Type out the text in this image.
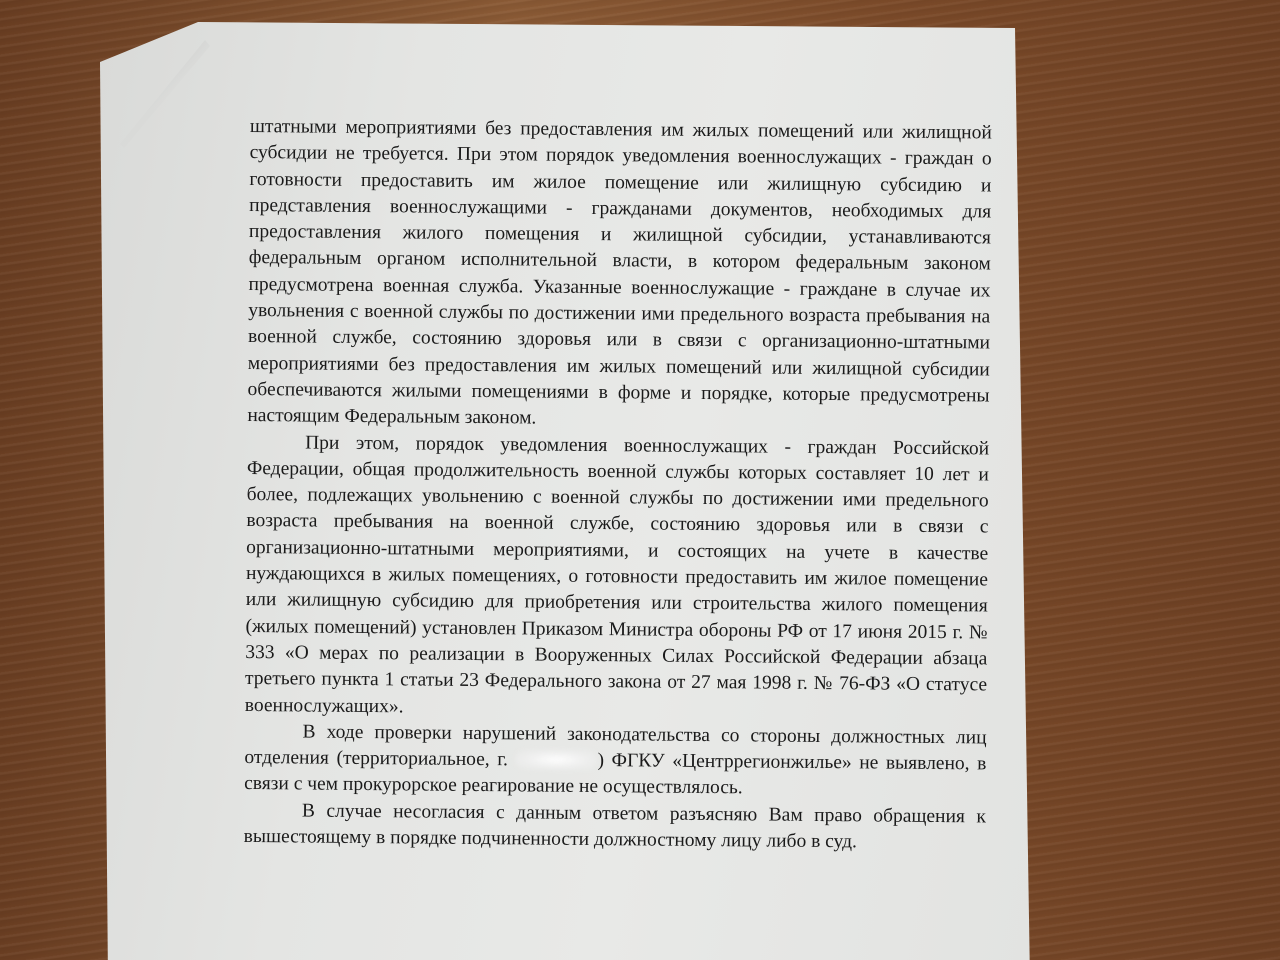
штатными мероприятиями без предоставления им жилых помещений или жилищной субсидии не требуется. При этом порядок уведомления военнослужащих - граждан о готовности предоставить им жилое помещение или жилищную субсидию и представления военнослужащими - гражданами документов, необходимых для предоставления жилого помещения и жилищной субсидии, устанавливаются федеральным органом исполнительной власти, в котором федеральным законом предусмотрена военная служба. Указанные военнослужащие - граждане в случае их увольнения с военной службы по достижении ими предельного возраста пребывания на военной службе, состоянию здоровья или в связи с организационно-штатными мероприятиями без предоставления им жилых помещений или жилищной субсидии обеспечиваются жилыми помещениями в форме и порядке, которые предусмотрены настоящим Федеральным законом.

При этом, порядок уведомления военнослужащих - граждан Российской Федерации, общая продолжительность военной службы которых составляет 10 лет и более, подлежащих увольнению с военной службы по достижении ими предельного возраста пребывания на военной службе, состоянию здоровья или в связи с организационно-штатными мероприятиями, и состоящих на учете в качестве нуждающихся в жилых помещениях, о готовности предоставить им жилое помещение или жилищную субсидию для приобретения или строительства жилого помещения (жилых помещений) установлен Приказом Министра обороны РФ от 17 июня 2015 г. № 333 «О мерах по реализации в Вооруженных Силах Российской Федерации абзаца третьего пункта 1 статьи 23 Федерального закона от 27 мая 1998 г. № 76-ФЗ «О статусе военнослужащих».

В ходе проверки нарушений законодательства со стороны должностных лиц отделения (территориальное, г.	) ФГКУ «Центррегионжилье» не выявлено, в связи с чем прокурорское реагирование не осуществлялось.

В случае несогласия с данным ответом разъясняю Вам право обращения к вышестоящему в порядке подчиненности должностному лицу либо в суд.
